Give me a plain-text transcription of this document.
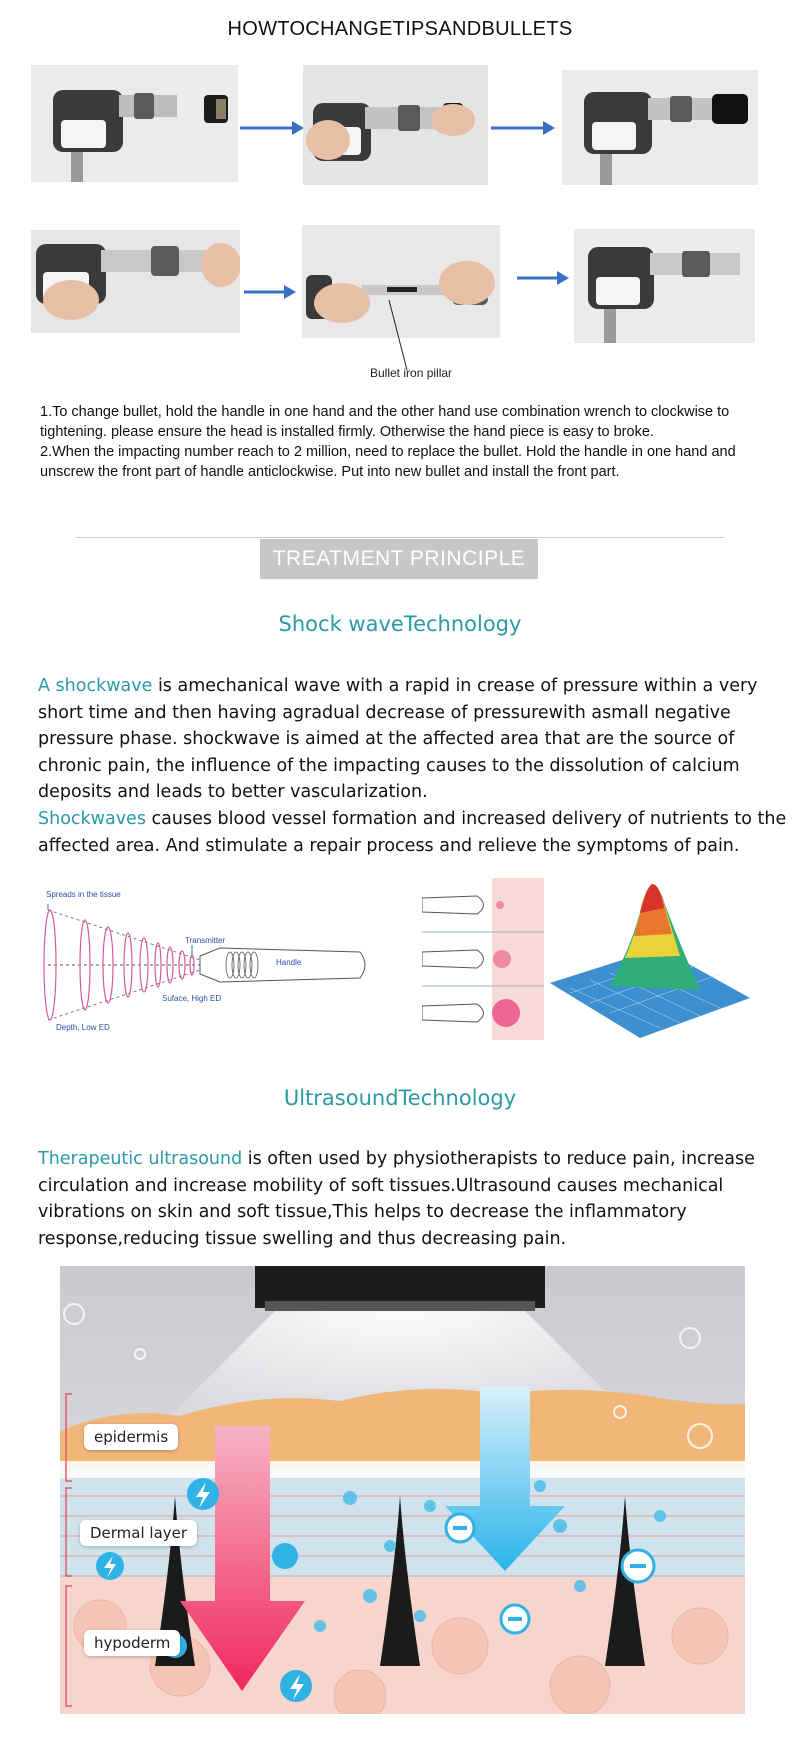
HOWTOCHANGETIPSANDBULLETS
Bullet iron pillar
1.To change bullet, hold the handle in one hand and the other hand use combination wrench to clockwise to tightening. please ensure the head is installed firmly. Otherwise the hand piece is easy to broke.
2.When the impacting number reach to 2 million, need to replace the bullet. Hold the handle in one hand and unscrew the front part of handle anticlockwise. Put into new bullet and install the front part.
TREATMENT PRINCIPLE
Shock waveTechnology
A shockwave is amechanical wave with a rapid in crease of pressure within a very short time and then having agradual decrease of pressurewith asmall negative pressure phase. shockwave is aimed at the affected area that are the source of chronic pain, the influence of the impacting causes to the dissolution of calcium deposits and leads to better vascularization.
Shockwaves causes blood vessel formation and increased delivery of nutrients to the affected area. And stimulate a repair process and relieve the symptoms of pain.
Spreads in the tissue
Transmitter
Handle
Suface, High ED
Depth, Low ED
UltrasoundTechnology
Therapeutic ultrasound is often used by physiotherapists to reduce pain, increase circulation and increase mobility of soft tissues.Ultrasound causes mechanical vibrations on skin and soft tissue,This helps to decrease the inflammatory response,reducing tissue swelling and thus decreasing pain.
epidermis
Dermal layer
hypoderm
